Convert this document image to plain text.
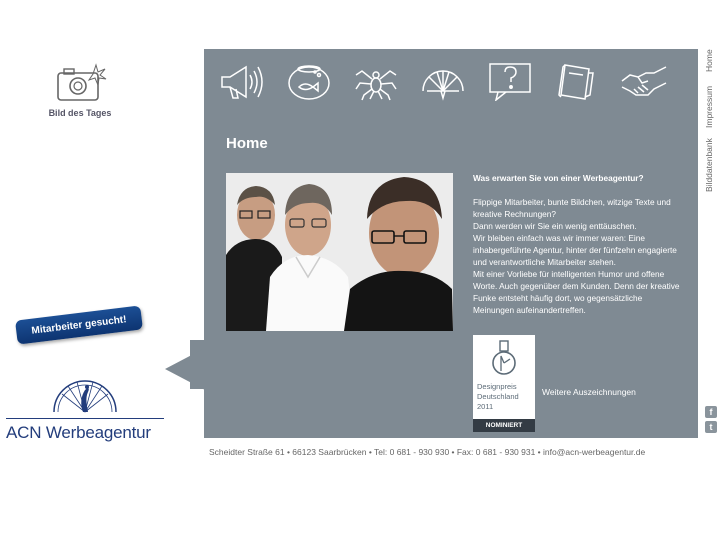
Bild des Tages
Mitarbeiter gesucht!
ACN Werbeagentur
Home
Was erwarten Sie von einer Werbeagentur?

Flippige Mitarbeiter, bunte Bildchen, witzige Texte und kreative Rechnungen?

Dann werden wir Sie ein wenig enttäuschen.

Wir bleiben einfach was wir immer waren: Eine inhabergeführte Agentur, hinter der fünfzehn engagierte und verantwortliche Mitarbeiter stehen.

Mit einer Vorliebe für intelligenten Humor und offene Worte. Auch gegenüber dem Kunden. Denn der kreative Funke entsteht häufig dort, wo gegensätzliche Meinungen aufeinandertreffen.

Designpreis
Deutschland
2011
NOMINIERT
Weitere Auszeichnungen
Home
Impressum
Bilddatenbank
f
t
Scheidter Straße 61 • 66123 Saarbrücken • Tel: 0 681 - 930 930 • Fax: 0 681 - 930 931 • info@acn-werbeagentur.de
